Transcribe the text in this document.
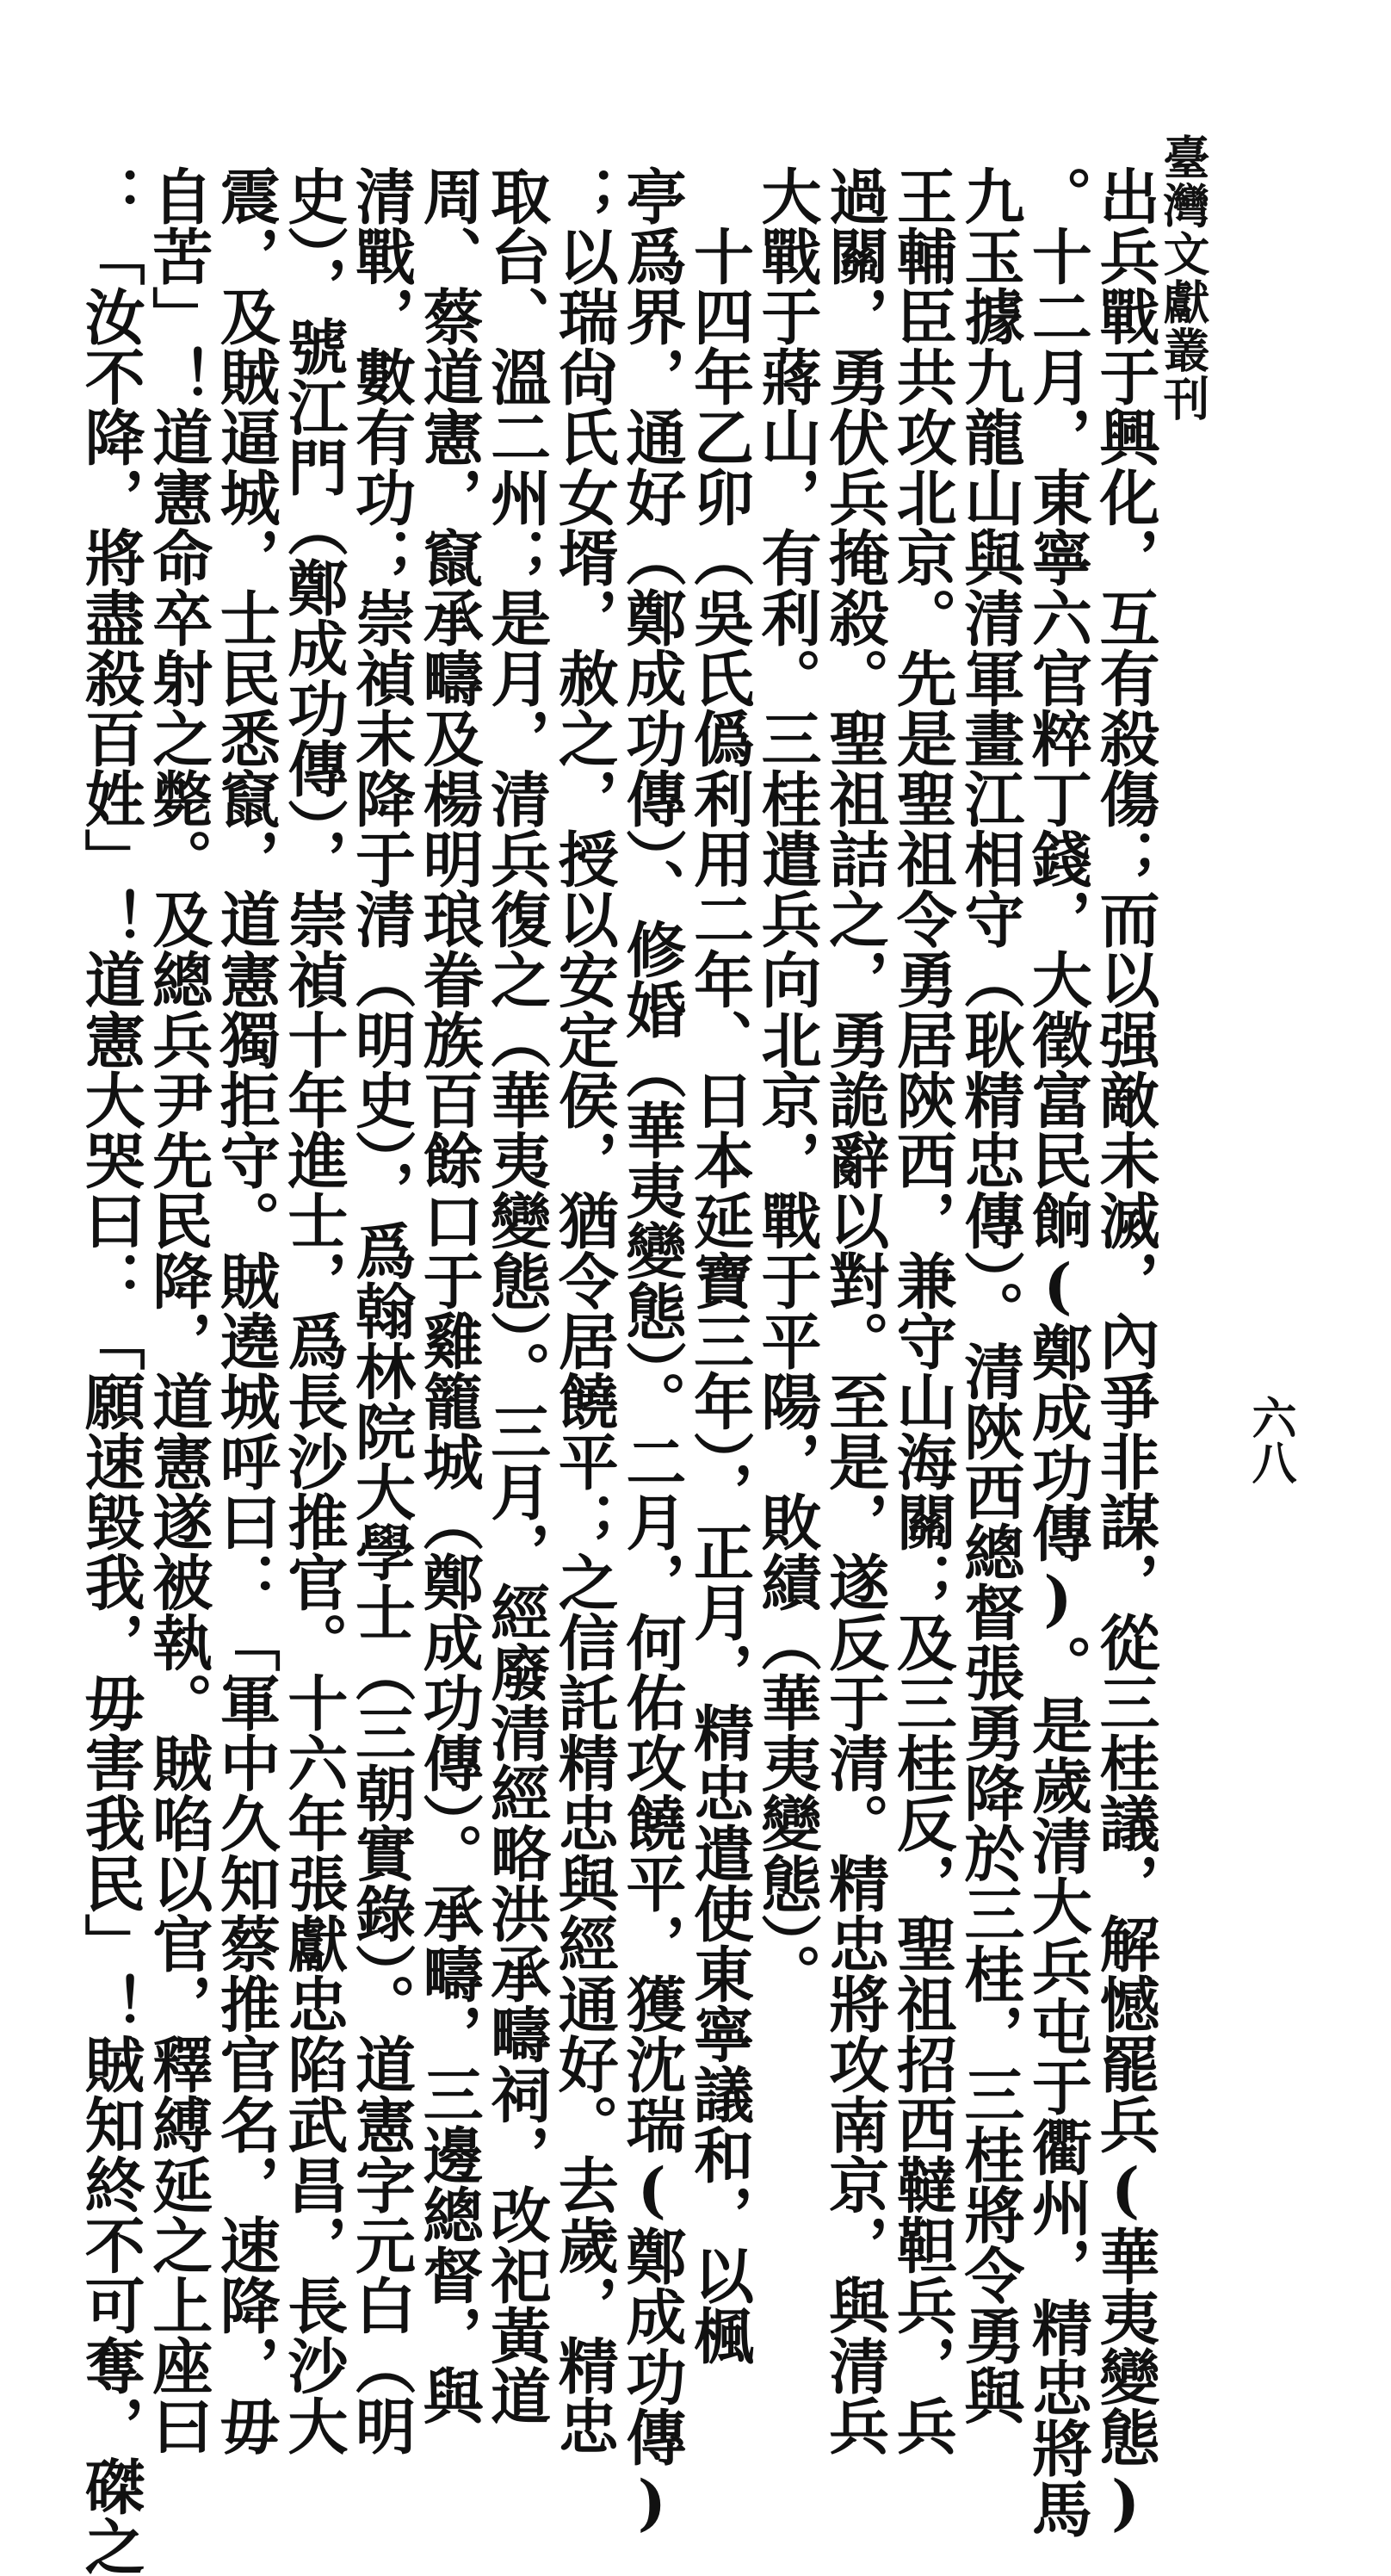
臺灣文獻叢刊
六八
出兵戰于興化，互有殺傷；而以强敵未滅，內爭非謀，從三桂議，解憾罷兵(華夷變態)
。十二月，東寧六官粹丁錢，大徵富民餉(鄭成功傳)。是歲清大兵屯于衢州，精忠將馬
九玉據九龍山與清軍畫江相守（耿精忠傳）。清陝西總督張勇降於三桂，三桂將令勇與
王輔臣共攻北京。先是聖祖令勇居陝西，兼守山海關；及三桂反，聖祖招西韃靼兵，兵
過關，勇伏兵掩殺。聖祖詰之，勇詭辭以對。至是，遂反于清。精忠將攻南京，與清兵
大戰于蔣山，有利。三桂遣兵向北京，戰于平陽，敗績（華夷變態）。
　十四年乙卯（吳氏僞利用二年、日本延寶三年），正月，精忠遣使東寧議和，以楓
亭爲界，通好（鄭成功傳）、修婚（華夷變態）。二月，何佑攻饒平，獲沈瑞(鄭成功傳)
；以瑞尙氏女壻，赦之，授以安定侯，猶令居饒平；之信託精忠與經通好。去歲，精忠
取台、溫二州；是月，清兵復之（華夷變態）。三月，經廢清經略洪承疇祠，改祀黃道
周、蔡道憲，竄承疇及楊明琅眷族百餘口于雞籠城（鄭成功傳）。承疇，三邊總督，與
清戰，數有功；崇禎末降于清（明史），爲翰林院大學士（三朝實錄）。道憲字元白（明
史），號江門（鄭成功傳），崇禎十年進士，爲長沙推官。十六年張獻忠陷武昌，長沙大
震，及賊逼城，士民悉竄，道憲獨拒守。賊遶城呼曰：「軍中久知蔡推官名，速降，毋
自苦」！道憲命卒射之斃。及總兵尹先民降，道憲遂被執。賊啗以官，釋縛延之上座曰
：「汝不降，將盡殺百姓」！道憲大哭曰：「願速毀我，毋害我民」！賊知終不可奪，磔之
